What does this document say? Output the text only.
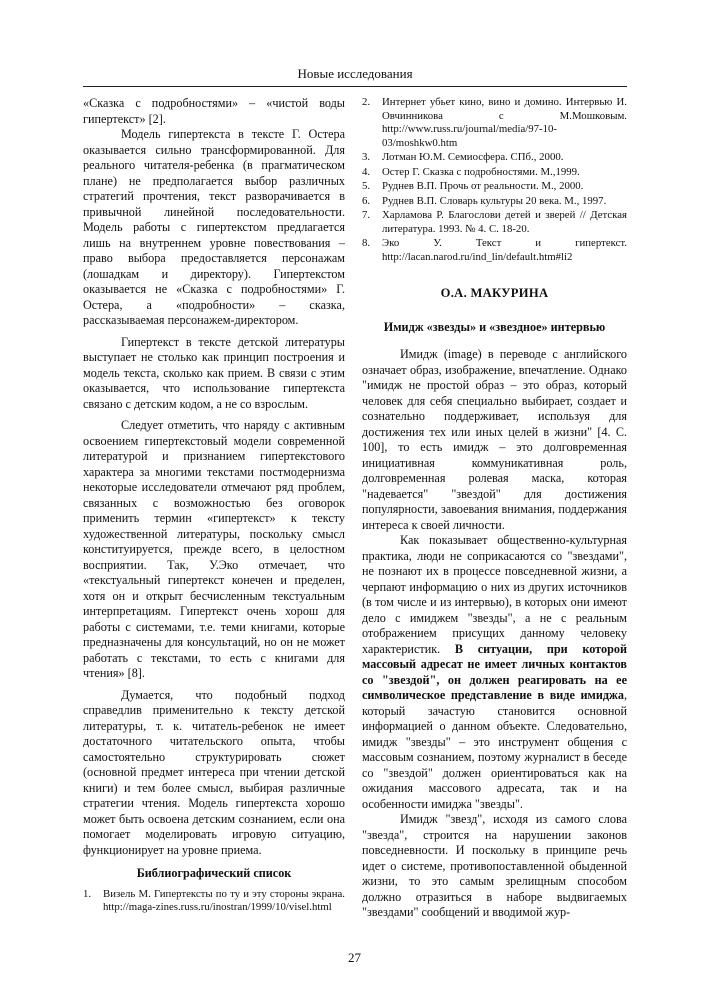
Новые исследования

«Сказка с подробностями» – «чистой воды гипертекст» [2].

Модель гипертекста в тексте Г. Остера оказывается сильно трансформированной. Для реального читателя-ребенка (в прагматическом плане) не предполагается выбор различных стратегий прочтения, текст разворачивается в привычной линейной последовательности. Модель работы с гипертекстом предлагается лишь на внутреннем уровне повествования – право выбора предоставляется персонажам (лошадкам и директору). Гипертекстом оказывается не «Сказка с подробностями» Г. Остера, а «подробности» – сказка, рассказываемая персонажем-директором.

Гипертекст в тексте детской литературы выступает не столько как принцип построения и модель текста, сколько как прием. В связи с этим оказывается, что использование гипертекста связано с детским кодом, а не со взрослым.

Следует отметить, что наряду с активным освоением гипертекстовый модели современной литературой и признанием гипертекстового характера за многими текстами постмодернизма некоторые исследователи отмечают ряд проблем, связанных с возможностью без оговорок применить термин «гипертекст» к тексту художественной литературы, поскольку смысл конституируется, прежде всего, в целостном восприятии. Так, У.Эко отмечает, что «текстуальный гипертекст конечен и пределен, хотя он и открыт бесчисленным текстуальным интерпретациям. Гипертекст очень хорош для работы с системами, т.е. теми книгами, которые предназначены для консультаций, но он не может работать с текстами, то есть с книгами для чтения» [8].

Думается, что подобный подход справедлив применительно к тексту детской литературы, т. к. читатель-ребенок не имеет достаточного читательского опыта, чтобы самостоятельно структурировать сюжет (основной предмет интереса при чтении детской книги) и тем более смысл, выбирая различные стратегии чтения. Модель гипертекста хорошо может быть освоена детским сознанием, если она помогает моделировать игровую ситуацию, функционирует на уровне приема.

Библиографический список
1. Визель М. Гипертексты по ту и эту стороны экрана. http://maga-zines.russ.ru/inostran/1999/10/visel.html
2. Интернет убьет кино, вино и домино. Интервью И. Овчинникова с М.Мошковым. http://www.russ.ru/journal/media/97-10-03/moshkw0.htm
3. Лотман Ю.М. Семиосфера. СПб., 2000.
4. Остер Г. Сказка с подробностями. М.,1999.
5. Руднев В.П. Прочь от реальности. М., 2000.
6. Руднев В.П. Словарь культуры 20 века. М., 1997.
7. Харламова Р. Благослови детей и зверей // Детская литература. 1993. № 4. С. 18-20.
8. Эко У. Текст и гипертекст. http://lacan.narod.ru/ind_lin/default.htm#li2
О.А. МАКУРИНА
Имидж «звезды» и «звездное» интервью

Имидж (image) в переводе с английского означает образ, изображение, впечатление. Однако "имидж не простой образ – это образ, который человек для себя специально выбирает, создает и сознательно поддерживает, используя для достижения тех или иных целей в жизни" [4. С. 100], то есть имидж – это долговременная инициативная коммуникативная роль, долговременная ролевая маска, которая "надеваетcя" "звездой" для достижения популярности, завоевания внимания, поддержания интереса к своей личности.

Как показывает общественно-культурная практика, люди не соприкасаются со "звездами", не познают их в процессе повседневной жизни, а черпают информацию о них из других источников (в том числе и из интервью), в которых они имеют дело с имиджем "звезды", а не с реальным отображением присущих данному человеку характеристик. В ситуации, при которой массовый адресат не имеет личных контактов со "звездой", он должен реагировать на ее символическое представление в виде имиджа, который зачастую становится основной информацией о данном объекте. Следовательно, имидж "звезды" – это инструмент общения с массовым сознанием, поэтому журналист в беседе со "звездой" должен ориентироваться как на ожидания массового адресата, так и на особенности имиджа "звезды".

Имидж "звезд", исходя из самого слова "звезда", строится на нарушении законов повседневности. И поскольку в принципе речь идет о системе, противопоставленной обыденной жизни, то это самым зрелищным способом должно отразиться в наборе выдвигаемых "звездами" сообщений и вводимой жур-

27
